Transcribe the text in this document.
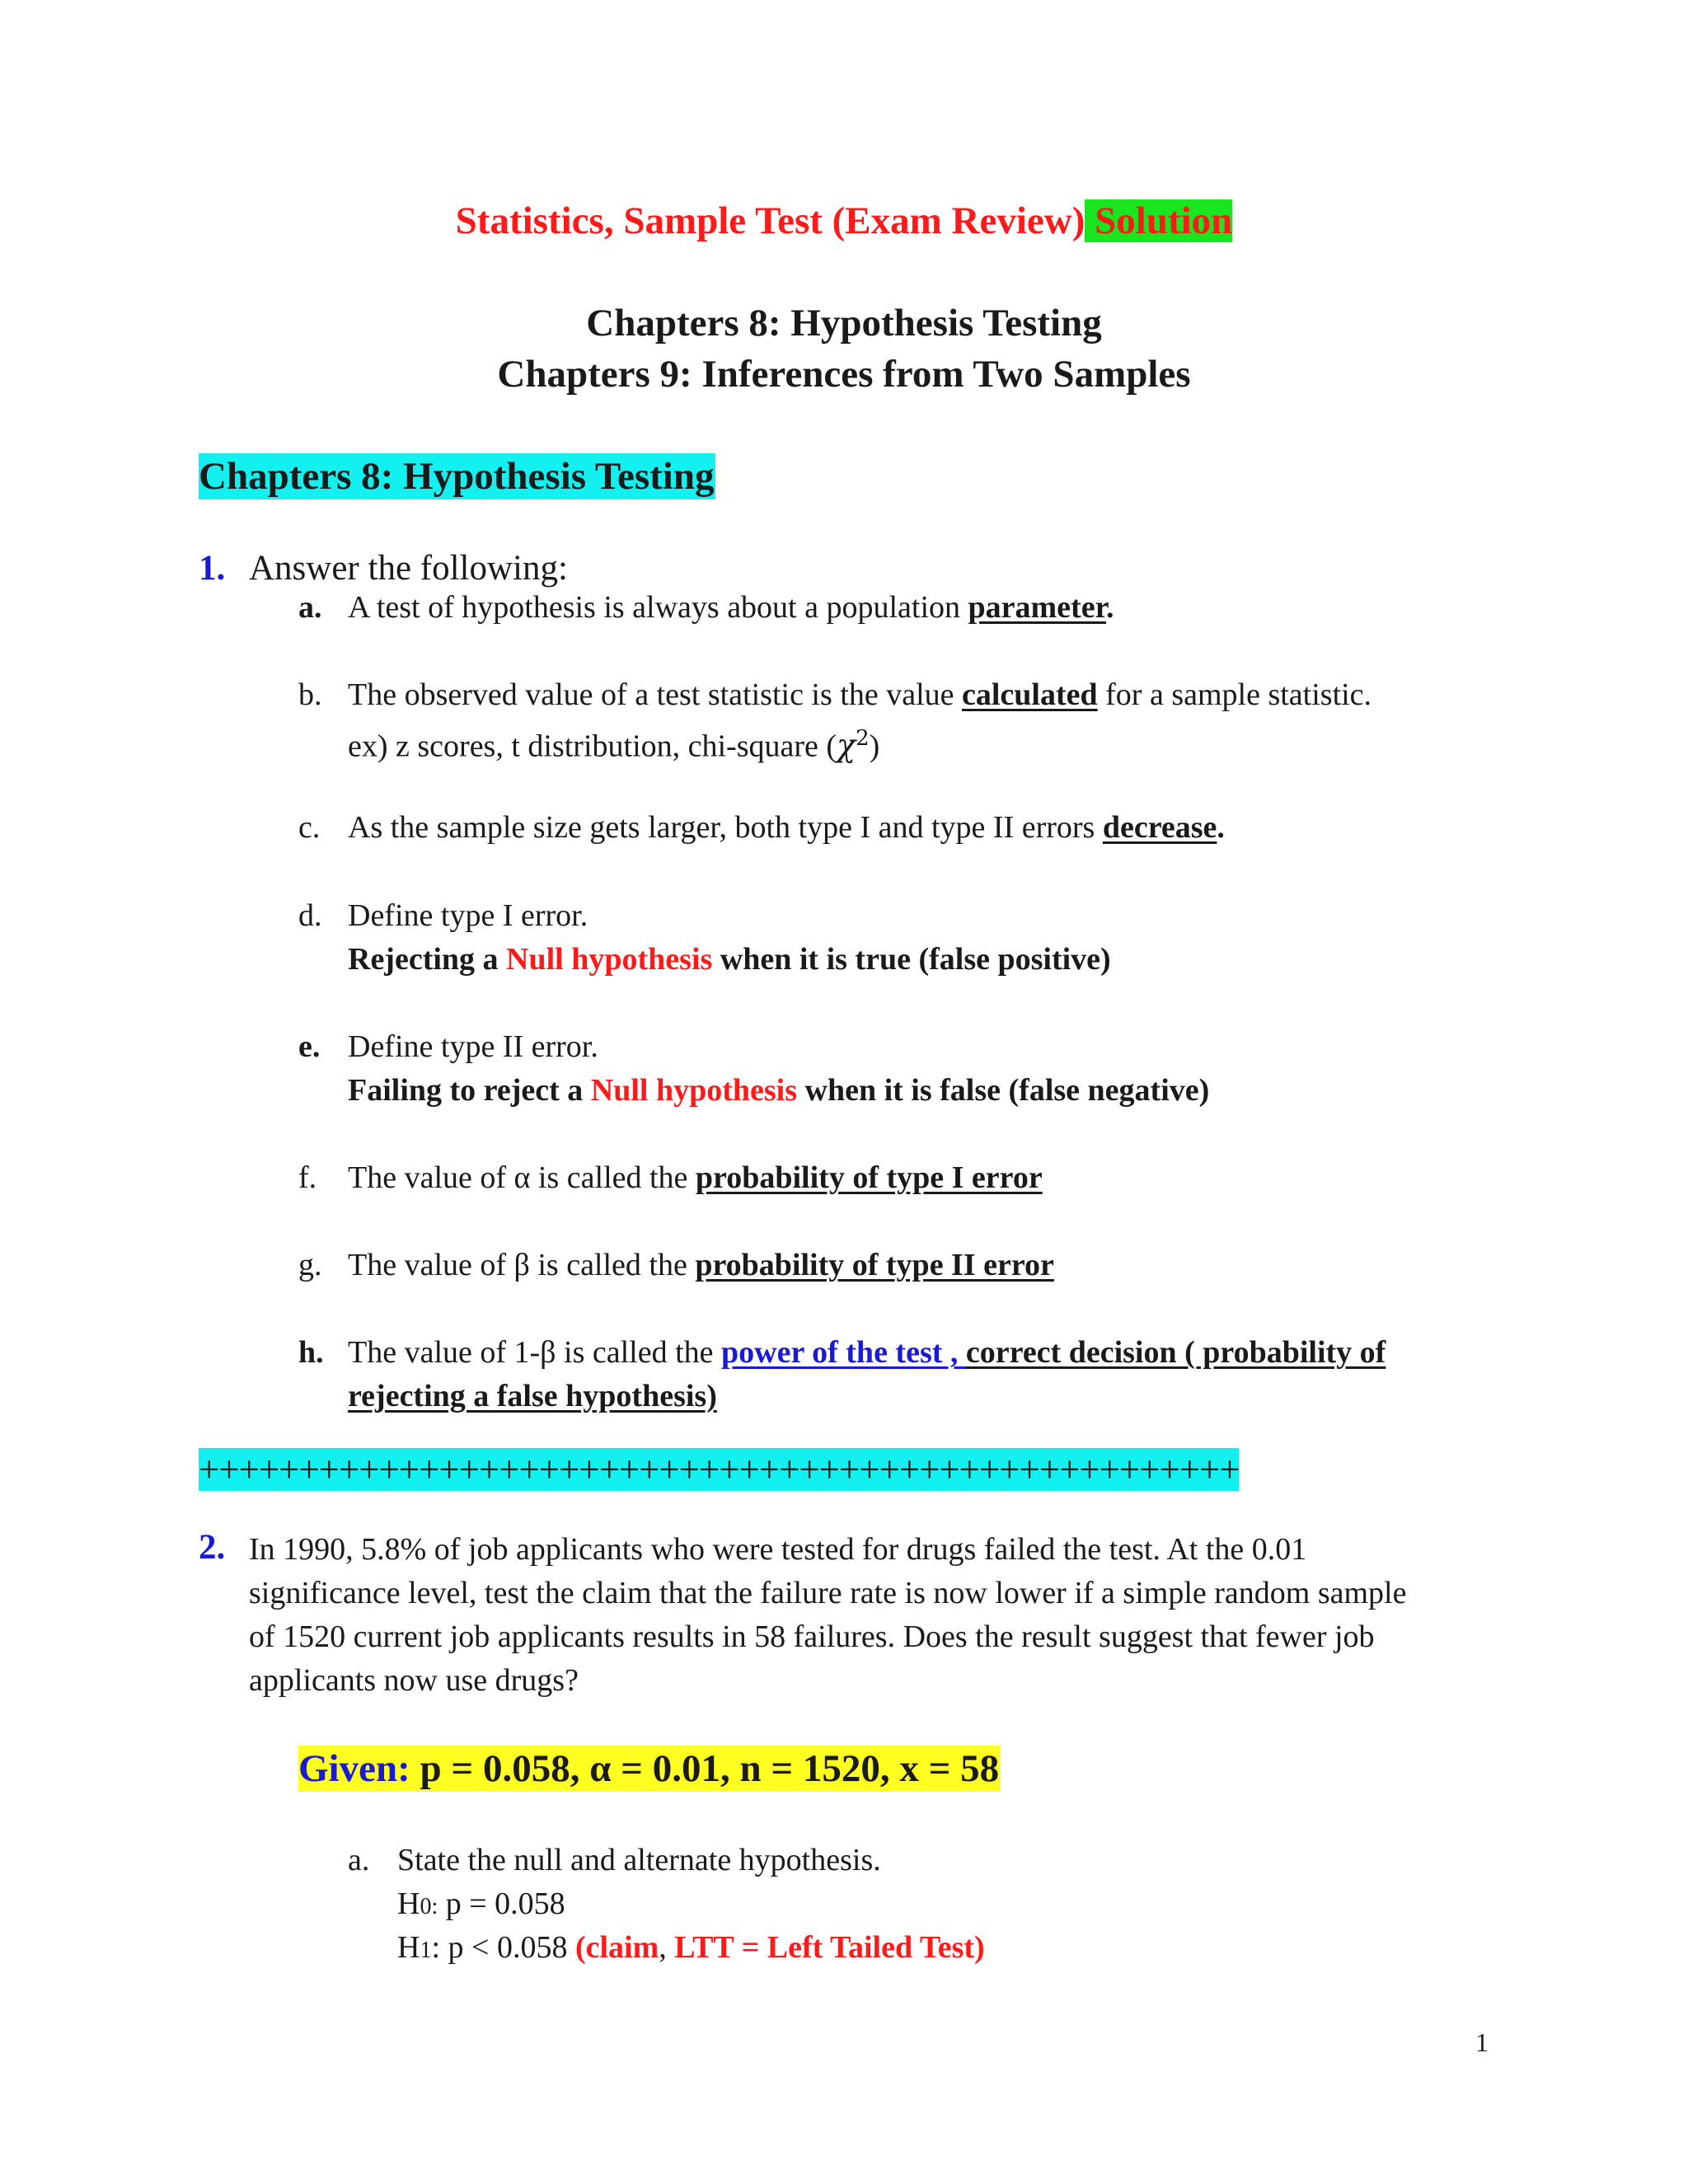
Statistics, Sample Test (Exam Review) Solution
Chapters 8: Hypothesis Testing
Chapters 9: Inferences from Two Samples
Chapters 8: Hypothesis Testing
1. Answer the following:
a. A test of hypothesis is always about a population parameter.
b. The observed value of a test statistic is the value calculated for a sample statistic.
ex) z scores, t distribution, chi-square $(\chi^2)$
c. As the sample size gets larger, both type I and type II errors decrease.
d. Define type I error.
Rejecting a Null hypothesis when it is true (false positive)
e. Define type II error.
Failing to reject a Null hypothesis when it is false (false negative)
f. The value of α is called the probability of type I error
g. The value of β is called the probability of type II error
h. The value of 1-β is called the power of the test , correct decision ( probability of
rejecting a false hypothesis)
++++++++++++++++++++++++++++++++++++++++++++++++++++
2. In 1990, 5.8% of job applicants who were tested for drugs failed the test. At the 0.01
significance level, test the claim that the failure rate is now lower if a simple random sample
of 1520 current job applicants results in 58 failures. Does the result suggest that fewer job
applicants now use drugs?
Given: p = 0.058, α = 0.01, n = 1520, x = 58
a. State the null and alternate hypothesis.
H0: p = 0.058
H1: p < 0.058 (claim, LTT = Left Tailed Test)
1
